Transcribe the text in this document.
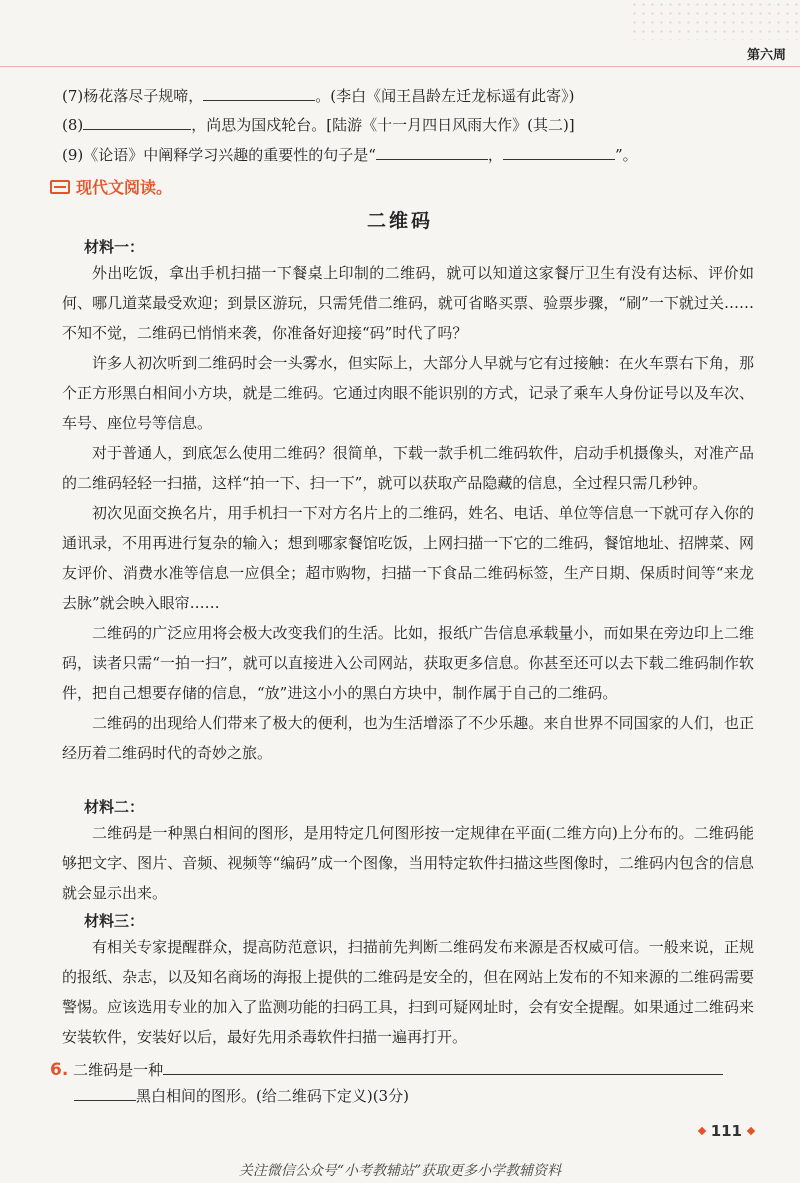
第六周
(7)杨花落尽子规啼，	。(李白《闻王昌龄左迁龙标遥有此寄》)
(8)	，尚思为国戍轮台。[陆游《十一月四日风雨大作》(其二)]
(9)《论语》中阐释学习兴趣的重要性的句子是“	，	”。
现代文阅读。
二维码
材料一：

外出吃饭，拿出手机扫描一下餐桌上印制的二维码，就可以知道这家餐厅卫生有没有达标、评价如何、哪几道菜最受欢迎；到景区游玩，只需凭借二维码，就可省略买票、验票步骤，“刷”一下就过关……不知不觉，二维码已悄悄来袭，你准备好迎接“码”时代了吗？

许多人初次听到二维码时会一头雾水，但实际上，大部分人早就与它有过接触：在火车票右下角，那个正方形黑白相间小方块，就是二维码。它通过肉眼不能识别的方式，记录了乘车人身份证号以及车次、车号、座位号等信息。

对于普通人，到底怎么使用二维码？很简单，下载一款手机二维码软件，启动手机摄像头，对准产品的二维码轻轻一扫描，这样“拍一下、扫一下”，就可以获取产品隐藏的信息，全过程只需几秒钟。

初次见面交换名片，用手机扫一下对方名片上的二维码，姓名、电话、单位等信息一下就可存入你的通讯录，不用再进行复杂的输入；想到哪家餐馆吃饭，上网扫描一下它的二维码，餐馆地址、招牌菜、网友评价、消费水准等信息一应俱全；超市购物，扫描一下食品二维码标签，生产日期、保质时间等“来龙去脉”就会映入眼帘……

二维码的广泛应用将会极大改变我们的生活。比如，报纸广告信息承载量小，而如果在旁边印上二维码，读者只需“一拍一扫”，就可以直接进入公司网站，获取更多信息。你甚至还可以去下载二维码制作软件，把自己想要存储的信息，“放”进这小小的黑白方块中，制作属于自己的二维码。

二维码的出现给人们带来了极大的便利，也为生活增添了不少乐趣。来自世界不同国家的人们，也正经历着二维码时代的奇妙之旅。

材料二：

二维码是一种黑白相间的图形，是用特定几何图形按一定规律在平面(二维方向)上分布的。二维码能够把文字、图片、音频、视频等“编码”成一个图像，当用特定软件扫描这些图像时，二维码内包含的信息就会显示出来。

材料三：

有相关专家提醒群众，提高防范意识，扫描前先判断二维码发布来源是否权威可信。一般来说，正规的报纸、杂志，以及知名商场的海报上提供的二维码是安全的，但在网站上发布的不知来源的二维码需要警惕。应该选用专业的加入了监测功能的扫码工具，扫到可疑网址时，会有安全提醒。如果通过二维码来安装软件，安装好以后，最好先用杀毒软件扫描一遍再打开。

6. 二维码是一种
黑白相间的图形。(给二维码下定义)(3分)
111
关注微信公众号“小考教辅站”获取更多小学教辅资料
